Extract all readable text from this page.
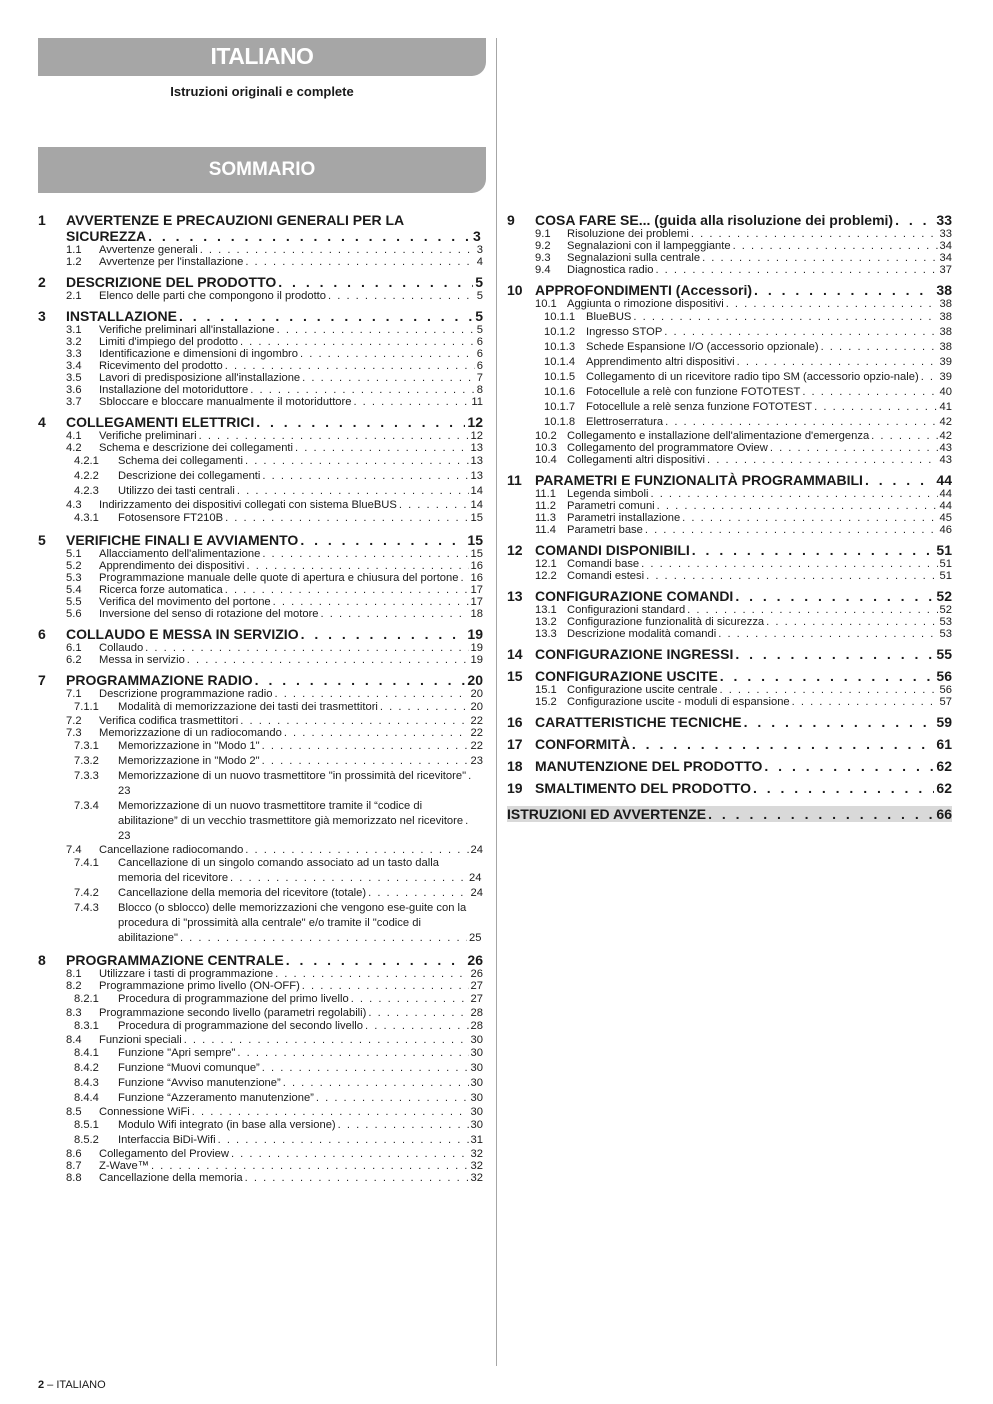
ITALIANO
Istruzioni originali e complete
SOMMARIO
1 AVVERTENZE E PRECAUZIONI GENERALI PER LA SICUREZZA. . .	3
1.1 Avvertenze generali . . .	3
1.2 Avvertenze per l'installazione . . .	4
2 DESCRIZIONE DEL PRODOTTO . . .	5
2.1 Elenco delle parti che compongono il prodotto . . .	5
3 INSTALLAZIONE . . .	5
3.1 Verifiche preliminari all'installazione . . .	5
3.2 Limiti d'impiego del prodotto . . .	6
3.3 Identificazione e dimensioni di ingombro . . .	6
3.4 Ricevimento del prodotto . . .	6
3.5 Lavori di predisposizione all'installazione . . .	7
3.6 Installazione del motoriduttore . . .	8
3.7 Sbloccare e bloccare manualmente il motoriduttore . . .	11
4 COLLEGAMENTI ELETTRICI . . .	12
4.1 Verifiche preliminari . . .	12
4.2 Schema e descrizione dei collegamenti . . .	13
4.2.1 Schema dei collegamenti . . .	13
4.2.2 Descrizione dei collegamenti . . .	13
4.2.3 Utilizzo dei tasti centrali . . .	14
4.3 Indirizzamento dei dispositivi collegati con sistema BlueBUS . . .	14
4.3.1 Fotosensore FT210B . . .	15
5 VERIFICHE FINALI E AVVIAMENTO . . .	15
5.1 Allacciamento dell'alimentazione . . .	15
5.2 Apprendimento dei dispositivi . . .	16
5.3 Programmazione manuale delle quote di apertura e chiusura del portone. . . 16
5.4 Ricerca forze automatica . . .	17
5.5 Verifica del movimento del portone . . .	17
5.6 Inversione del senso di rotazione del motore . . .	18
6 COLLAUDO E MESSA IN SERVIZIO . . .	19
6.1 Collaudo . . .	19
6.2 Messa in servizio . . .	19
7 PROGRAMMAZIONE RADIO . . .	20
7.1 Descrizione programmazione radio . . .	20
7.1.1 Modalità di memorizzazione dei tasti dei trasmettitori . . .	20
7.2 Verifica codifica trasmettitori . . .	22
7.3 Memorizzazione di un radiocomando . . .	22
7.3.1 Memorizzazione in "Modo 1" . . .	22
7.3.2 Memorizzazione in "Modo 2" . . .	23
7.3.3 Memorizzazione di un nuovo trasmettitore "in prossimità del ricevitore". . .23
7.3.4 Memorizzazione di un nuovo trasmettitore tramite il “codice di abilitazione” di un vecchio trasmettitore già memorizzato nel ricevitore. . .23
7.4 Cancellazione radiocomando . . .	24
7.4.1 Cancellazione di un singolo comando associato ad un tasto dalla memoria del ricevitore. . .	24
7.4.2 Cancellazione della memoria del ricevitore (totale) . . .	24
7.4.3 Blocco (o sblocco) delle memorizzazioni che vengono ese-guite con la procedura di "prossimità alla centrale" e/o tramite il "codice di abilitazione". . .	25
8 PROGRAMMAZIONE CENTRALE . . .	26
8.1 Utilizzare i tasti di programmazione . . .	26
8.2 Programmazione primo livello (ON-OFF) . . .	27
8.2.1 Procedura di programmazione del primo livello . . .	27
8.3 Programmazione secondo livello (parametri regolabili) . . .	28
8.3.1 Procedura di programmazione del secondo livello . . .	28
8.4 Funzioni speciali . . .	30
8.4.1 Funzione "Apri sempre" . . .	30
8.4.2 Funzione “Muovi comunque” . . .	30
8.4.3 Funzione “Avviso manutenzione” . . .	30
8.4.4 Funzione “Azzeramento manutenzione” . . .	30
8.5 Connessione WiFi . . .	30
8.5.1 Modulo Wifi integrato (in base alla versione) . . .	30
8.5.2 Interfaccia BiDi-Wifi . . .	31
8.6 Collegamento del Proview . . .	32
8.7 Z-Wave™ . . .	32
8.8 Cancellazione della memoria . . .	32
9 COSA FARE SE... (guida alla risoluzione dei problemi) . . .	33
9.1 Risoluzione dei problemi . . .	33
9.2 Segnalazioni con il lampeggiante . . .	34
9.3 Segnalazioni sulla centrale . . .	34
9.4 Diagnostica radio . . .	37
10 APPROFONDIMENTI (Accessori) . . .	38
10.1 Aggiunta o rimozione dispositivi . . .	38
10.1.1 BlueBUS . . .	38
10.1.2 Ingresso STOP . . .	38
10.1.3 Schede Espansione I/O (accessorio opzionale) . . .	38
10.1.4 Apprendimento altri dispositivi . . .	39
10.1.5 Collegamento di un ricevitore radio tipo SM (accessorio opzio-nale) . . . 39
10.1.6 Fotocellule a relè con funzione FOTOTEST . . .	40
10.1.7 Fotocellule a relè senza funzione FOTOTEST . . .	41
10.1.8 Elettroserratura . . .	42
10.2 Collegamento e installazione dell'alimentazione d'emergenza . . .	42
10.3 Collegamento del programmatore Oview . . .	43
10.4 Collegamenti altri dispositivi . . .	43
11 PARAMETRI E FUNZIONALITÀ PROGRAMMABILI . . .	44
11.1 Legenda simboli . . .	44
11.2 Parametri comuni . . .	44
11.3 Parametri installazione . . .	45
11.4 Parametri base . . .	46
12 COMANDI DISPONIBILI . . .	51
12.1 Comandi base . . .	51
12.2 Comandi estesi . . .	51
13 CONFIGURAZIONE COMANDI . . .	52
13.1 Configurazioni standard . . .	52
13.2 Configurazione funzionalità di sicurezza . . .	53
13.3 Descrizione modalità comandi . . .	53
14 CONFIGURAZIONE INGRESSI . . .	55
15 CONFIGURAZIONE USCITE . . .	56
15.1 Configurazione uscite centrale . . .	56
15.2 Configurazione uscite - moduli di espansione . . .	57
16 CARATTERISTICHE TECNICHE . . .	59
17 CONFORMITÀ . . .	61
18 MANUTENZIONE DEL PRODOTTO . . .	62
19 SMALTIMENTO DEL PRODOTTO . . .	62
ISTRUZIONI ED AVVERTENZE . . .	66
2 – ITALIANO
